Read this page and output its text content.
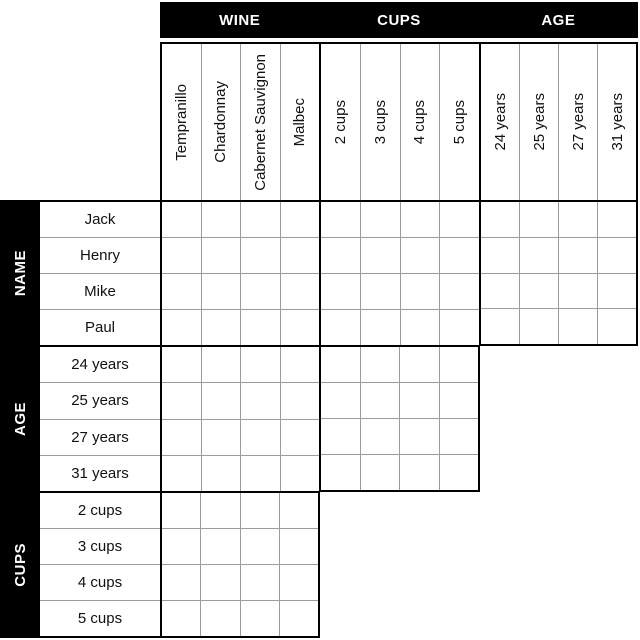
WINE	CUPS	AGE
Tempranillo Chardonnay Cabernet Sauvignon Malbec 2 cups 3 cups 4 cups 5 cups 24 years 25 years 27 years 31 years
NAME
AGE
CUPS
Jack
Henry
Mike
Paul
24 years
25 years
27 years
31 years
2 cups
3 cups
4 cups
5 cups
